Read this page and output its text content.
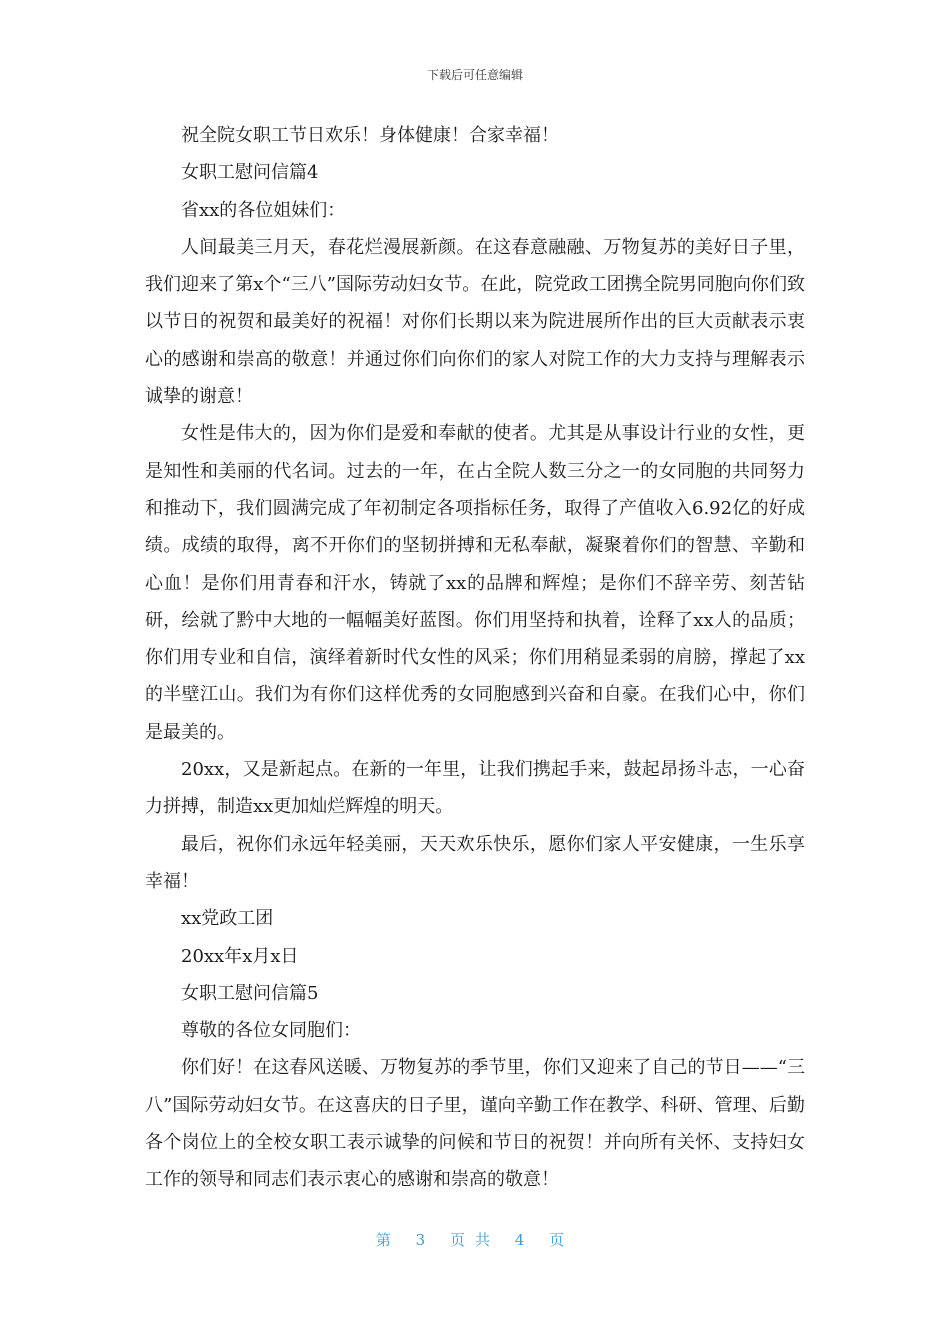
下载后可任意编辑

祝全院女职工节日欢乐！身体健康！合家幸福！

女职工慰问信篇4

省xx的各位姐妹们：

人间最美三月天，春花烂漫展新颜。在这春意融融、万物复苏的美好日子里，我们迎来了第x个“三八”国际劳动妇女节。在此，院党政工团携全院男同胞向你们致以节日的祝贺和最美好的祝福！对你们长期以来为院进展所作出的巨大贡献表示衷心的感谢和崇高的敬意！并通过你们向你们的家人对院工作的大力支持与理解表示诚挚的谢意！

女性是伟大的，因为你们是爱和奉献的使者。尤其是从事设计行业的女性，更是知性和美丽的代名词。过去的一年，在占全院人数三分之一的女同胞的共同努力和推动下，我们圆满完成了年初制定各项指标任务，取得了产值收入6.92亿的好成绩。成绩的取得，离不开你们的坚韧拼搏和无私奉献，凝聚着你们的智慧、辛勤和心血！是你们用青春和汗水，铸就了xx的品牌和辉煌；是你们不辞辛劳、刻苦钻研，绘就了黔中大地的一幅幅美好蓝图。你们用坚持和执着，诠释了xx人的品质；你们用专业和自信，演绎着新时代女性的风采；你们用稍显柔弱的肩膀，撑起了xx的半壁江山。我们为有你们这样优秀的女同胞感到兴奋和自豪。在我们心中，你们是最美的。

20xx，又是新起点。在新的一年里，让我们携起手来，鼓起昂扬斗志，一心奋力拼搏，制造xx更加灿烂辉煌的明天。

最后，祝你们永远年轻美丽，天天欢乐快乐，愿你们家人平安健康，一生乐享幸福！

xx党政工团

20xx年x月x日

女职工慰问信篇5

尊敬的各位女同胞们：

你们好！在这春风送暖、万物复苏的季节里，你们又迎来了自己的节日——“三八”国际劳动妇女节。在这喜庆的日子里，谨向辛勤工作在教学、科研、管理、后勤各个岗位上的全校女职工表示诚挚的问候和节日的祝贺！并向所有关怀、支持妇女工作的领导和同志们表示衷心的感谢和崇高的敬意！

第 3 页共 4 页
